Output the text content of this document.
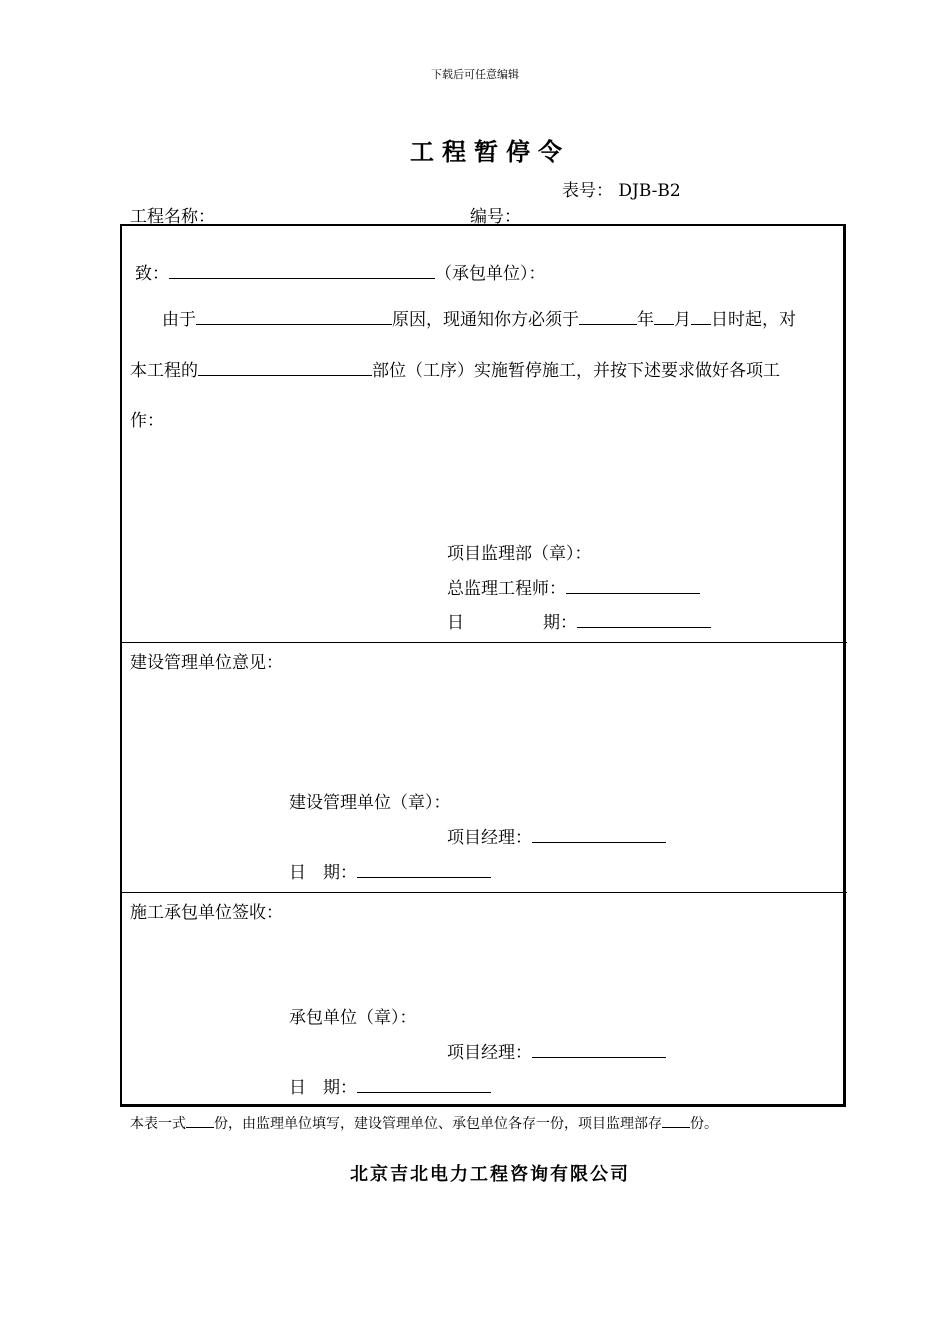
下载后可任意编辑
工程暂停令
表号： DJB-B2
工程名称：	编号：
致：	（承包单位）：
由于	原因，现通知你方必须于	年 月 日时起，对
本工程的	部位（工序）实施暂停施工，并按下述要求做好各项工
作：
项目监理部（章）：
总监理工程师：
日	期：
建设管理单位意见：
建设管理单位（章）：
项目经理：
日　期：
施工承包单位签收：
承包单位（章）：
项目经理：
日　期：
本表一式 份，由监理单位填写，建设管理单位、承包单位各存一份，项目监理部存 份。
北京吉北电力工程咨询有限公司
